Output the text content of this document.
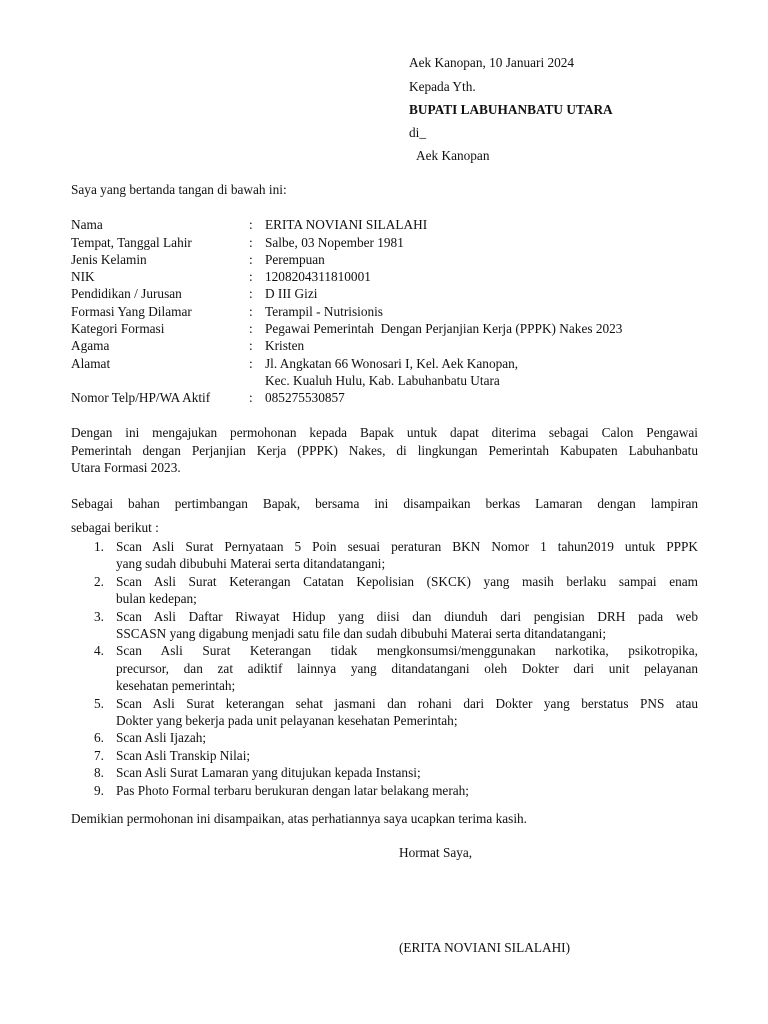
Aek Kanopan, 10 Januari 2024
Kepada Yth.
BUPATI LABUHANBATU UTARA
di_
Aek Kanopan
Saya yang bertanda tangan di bawah ini:
Nama	: ERITA NOVIANI SILALAHI
Tempat, Tanggal Lahir	: Salbe, 03 Nopember 1981
Jenis Kelamin	: Perempuan
NIK	: 1208204311810001
Pendidikan / Jurusan	: D III Gizi
Formasi Yang Dilamar	: Terampil - Nutrisionis
Kategori Formasi	: Pegawai Pemerintah  Dengan Perjanjian Kerja (PPPK) Nakes 2023
Agama	: Kristen
Alamat	: Jl. Angkatan 66 Wonosari I, Kel. Aek Kanopan,
Kec. Kualuh Hulu, Kab. Labuhanbatu Utara
Nomor Telp/HP/WA Aktif	: 085275530857
Dengan ini mengajukan permohonan kepada Bapak untuk dapat diterima sebagai Calon Pengawai
Pemerintah dengan Perjanjian Kerja (PPPK) Nakes, di lingkungan Pemerintah Kabupaten Labuhanbatu
Utara Formasi 2023.
Sebagai bahan pertimbangan Bapak, bersama ini disampaikan berkas Lamaran dengan lampiran
sebagai berikut :
1. Scan Asli Surat Pernyataan 5 Poin sesuai peraturan BKN Nomor 1 tahun2019 untuk PPPK
yang sudah dibubuhi Materai serta ditandatangani;
2. Scan Asli Surat Keterangan Catatan Kepolisian (SKCK) yang masih berlaku sampai enam
bulan kedepan;
3. Scan Asli Daftar Riwayat Hidup yang diisi dan diunduh dari pengisian DRH pada web
SSCASN yang digabung menjadi satu file dan sudah dibubuhi Materai serta ditandatangani;
4. Scan Asli Surat Keterangan tidak mengkonsumsi/menggunakan narkotika, psikotropika,
precursor, dan zat adiktif lainnya yang ditandatangani oleh Dokter dari unit pelayanan
kesehatan pemerintah;
5. Scan Asli Surat keterangan sehat jasmani dan rohani dari Dokter yang berstatus PNS atau
Dokter yang bekerja pada unit pelayanan kesehatan Pemerintah;
6. Scan Asli Ijazah;
7. Scan Asli Transkip Nilai;
8. Scan Asli Surat Lamaran yang ditujukan kepada Instansi;
9. Pas Photo Formal terbaru berukuran dengan latar belakang merah;
Demikian permohonan ini disampaikan, atas perhatiannya saya ucapkan terima kasih.
Hormat Saya,
(ERITA NOVIANI SILALAHI)
